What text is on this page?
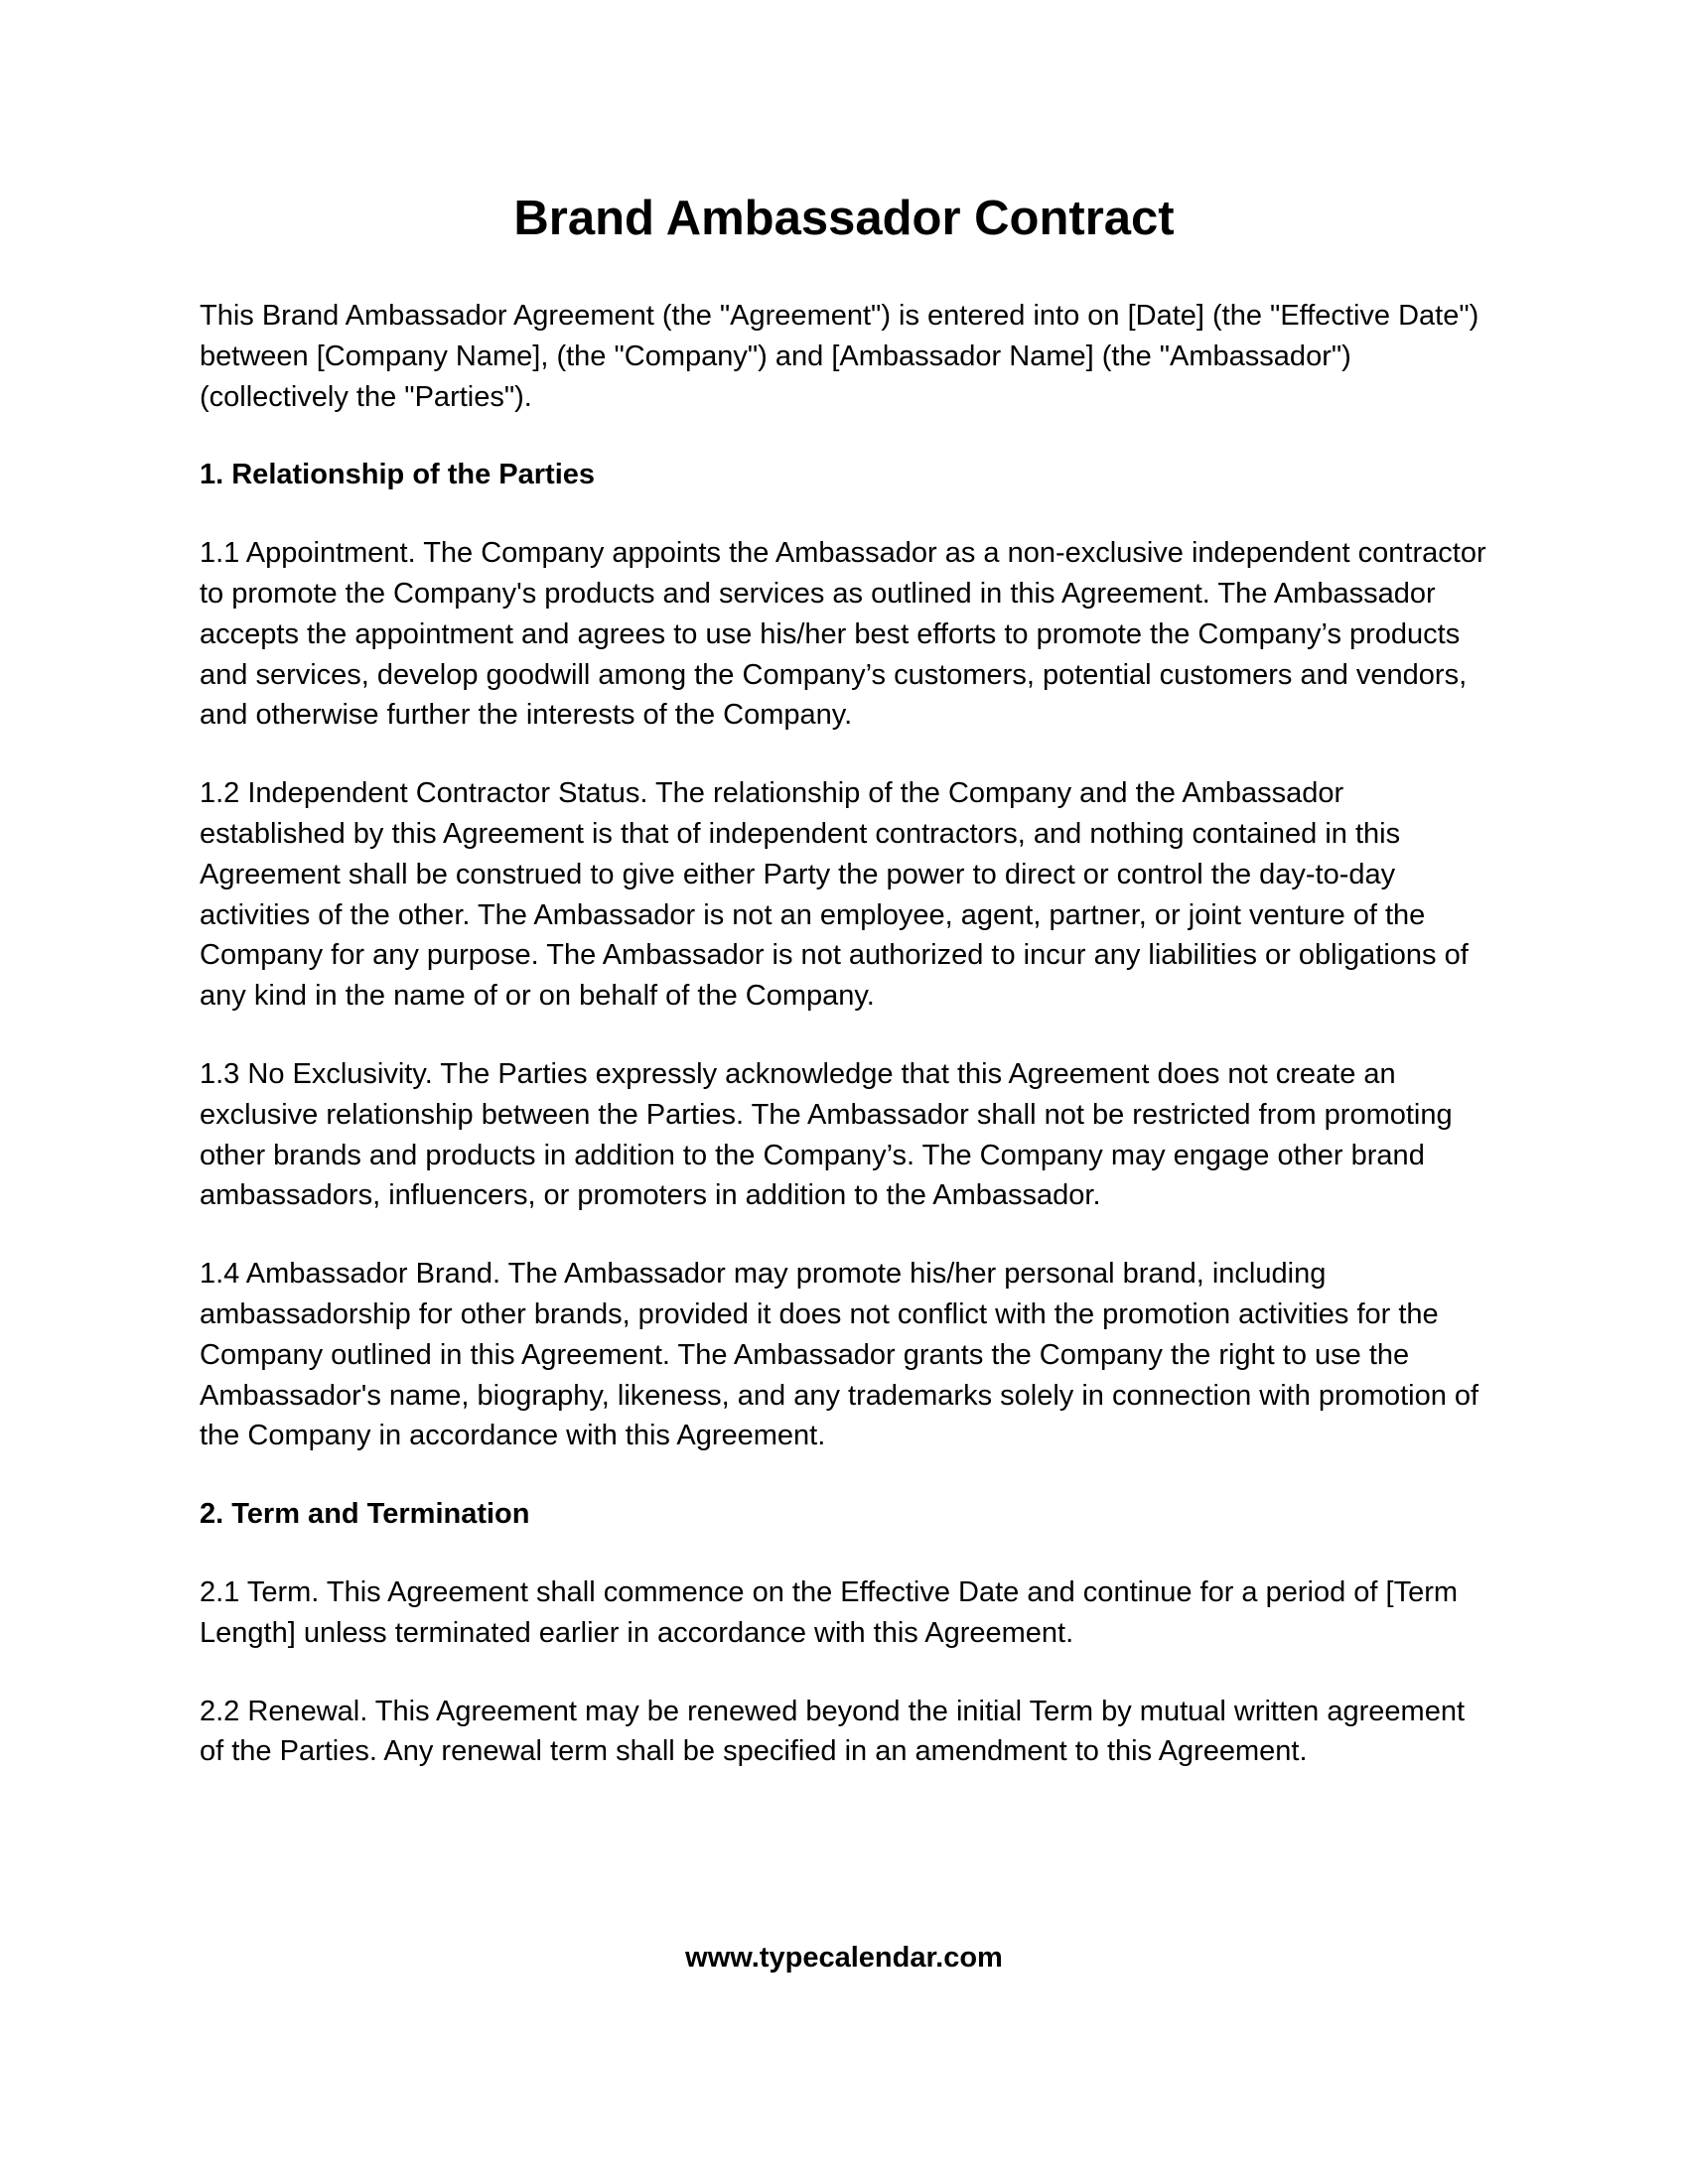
Brand Ambassador Contract

This Brand Ambassador Agreement (the "Agreement") is entered into on [Date] (the "Effective Date") between [Company Name], (the "Company") and [Ambassador Name] (the "Ambassador") (collectively the "Parties").

1. Relationship of the Parties

1.1 Appointment. The Company appoints the Ambassador as a non-exclusive independent contractor to promote the Company's products and services as outlined in this Agreement. The Ambassador accepts the appointment and agrees to use his/her best efforts to promote the Company’s products and services, develop goodwill among the Company’s customers, potential customers and vendors, and otherwise further the interests of the Company.

1.2 Independent Contractor Status. The relationship of the Company and the Ambassador established by this Agreement is that of independent contractors, and nothing contained in this Agreement shall be construed to give either Party the power to direct or control the day-to-day activities of the other. The Ambassador is not an employee, agent, partner, or joint venture of the Company for any purpose. The Ambassador is not authorized to incur any liabilities or obligations of any kind in the name of or on behalf of the Company.

1.3 No Exclusivity. The Parties expressly acknowledge that this Agreement does not create an exclusive relationship between the Parties. The Ambassador shall not be restricted from promoting other brands and products in addition to the Company’s. The Company may engage other brand ambassadors, influencers, or promoters in addition to the Ambassador.

1.4 Ambassador Brand. The Ambassador may promote his/her personal brand, including ambassadorship for other brands, provided it does not conflict with the promotion activities for the Company outlined in this Agreement. The Ambassador grants the Company the right to use the Ambassador's name, biography, likeness, and any trademarks solely in connection with promotion of the Company in accordance with this Agreement.

2. Term and Termination

2.1 Term. This Agreement shall commence on the Effective Date and continue for a period of [Term Length] unless terminated earlier in accordance with this Agreement.

2.2 Renewal. This Agreement may be renewed beyond the initial Term by mutual written agreement of the Parties. Any renewal term shall be specified in an amendment to this Agreement.

www.typecalendar.com
